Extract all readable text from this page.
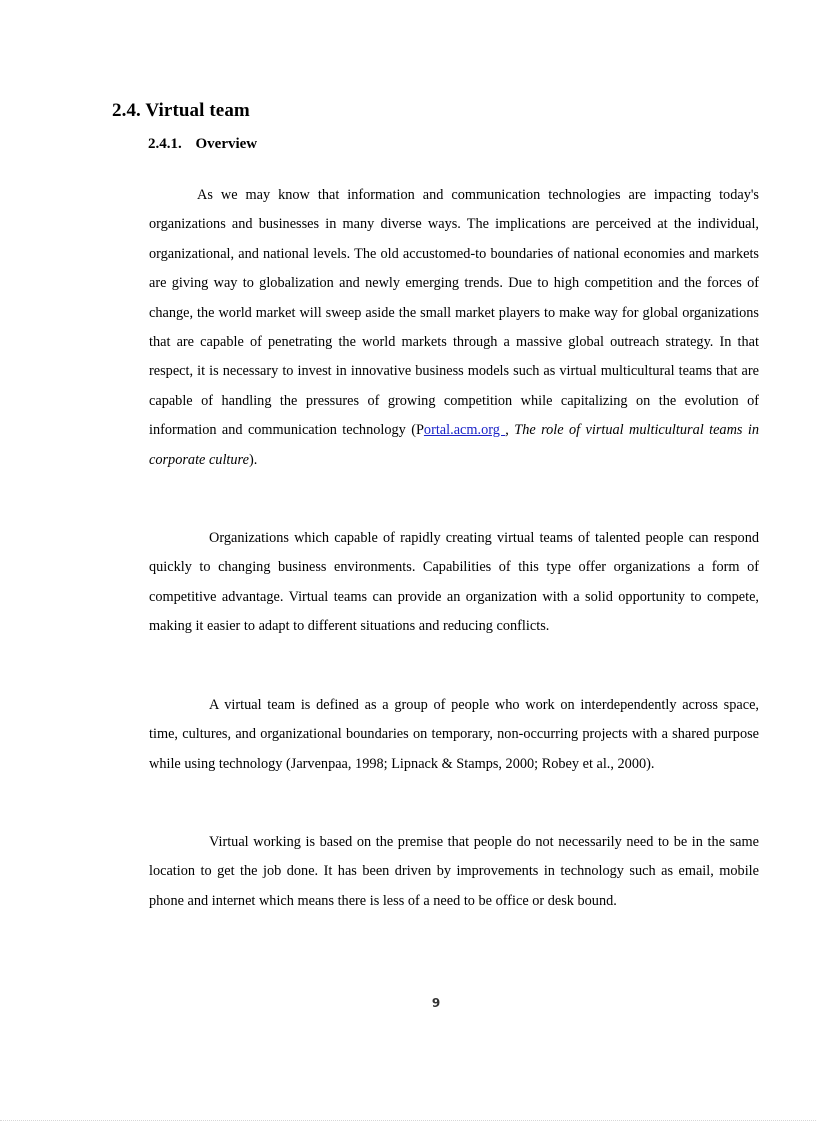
2.4. Virtual team
2.4.1. Overview

As we may know that information and communication technologies are impacting today's organizations and businesses in many diverse ways. The implications are perceived at the individual, organizational, and national levels. The old accustomed-to boundaries of national economies and markets are giving way to globalization and newly emerging trends. Due to high competition and the forces of change, the world market will sweep aside the small market players to make way for global organizations that are capable of penetrating the world markets through a massive global outreach strategy. In that respect, it is necessary to invest in innovative business models such as virtual multicultural teams that are capable of handling the pressures of growing competition while capitalizing on the evolution of information and communication technology (Portal.acm.org , The role of virtual multicultural teams in corporate culture).

Organizations which capable of rapidly creating virtual teams of talented people can respond quickly to changing business environments. Capabilities of this type offer organizations a form of competitive advantage. Virtual teams can provide an organization with a solid opportunity to compete, making it easier to adapt to different situations and reducing conflicts.

A virtual team is defined as a group of people who work on interdependently across space, time, cultures, and organizational boundaries on temporary, non-occurring projects with a shared purpose while using technology (Jarvenpaa, 1998; Lipnack & Stamps, 2000; Robey et al., 2000).

Virtual working is based on the premise that people do not necessarily need to be in the same location to get the job done. It has been driven by improvements in technology such as email, mobile phone and internet which means there is less of a need to be office or desk bound.

9
